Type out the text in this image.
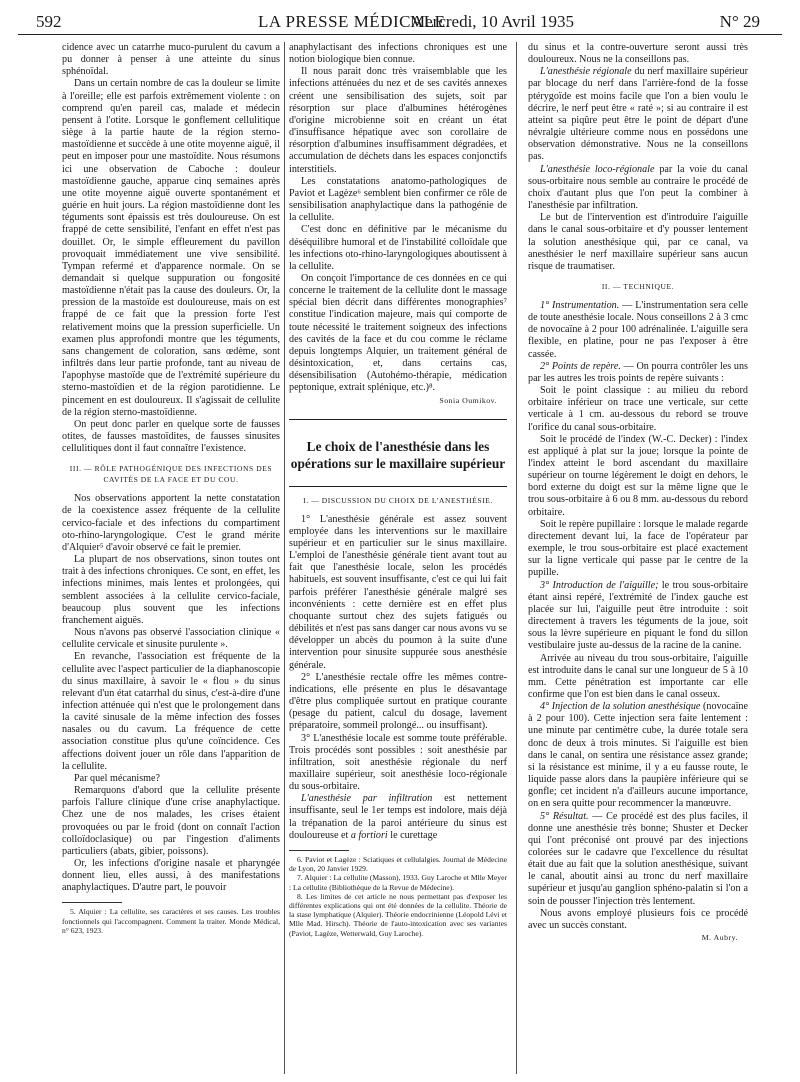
592	LA PRESSE MÉDICALE.
Mercredi, 10 Avril 1935	N° 29

cidence avec un catarrhe muco-purulent du cavum a pu donner à penser à une atteinte du sinus sphénoïdal.

Dans un certain nombre de cas la douleur se limite à l'oreille; elle est parfois extrêmement violente : on comprend qu'en pareil cas, malade et médecin pensent à l'otite. Lorsque le gonflement cellulitique siège à la partie haute de la région sterno-mastoïdienne et succède à une otite moyenne aiguë, il peut en imposer pour une mastoïdite. Nous résumons ici une observation de Caboche : douleur mastoïdienne gauche, apparue cinq semaines après une otite moyenne aiguë ouverte spontanément et guérie en huit jours. La région mastoïdienne dont les téguments sont épaissis est très douloureuse. On est frappé de cette sensibilité, l'enfant en effet n'est pas douillet. Or, le simple effleurement du pavillon provoquait immédiatement une vive sensibilité. Tympan refermé et d'apparence normale. On se demandait si quelque suppuration ou fongosité mastoïdienne n'était pas la cause des douleurs. Or, la pression de la mastoïde est douloureuse, mais on est frappé de ce fait que la pression forte l'est relativement moins que la pression superficielle. Un examen plus approfondi montre que les téguments, sans changement de coloration, sans œdème, sont infiltrés dans leur partie profonde, tant au niveau de l'apophyse mastoïde que de l'extrémité supérieure du sterno-mastoïdien et de la région parotidienne. Le pincement en est douloureux. Il s'agissait de cellulite de la région sterno-mastoïdienne.

On peut donc parler en quelque sorte de fausses otites, de fausses mastoïdites, de fausses sinusites cellulitiques dont il faut connaître l'existence.

III. — RÔLE PATHOGÉNIQUE DES INFECTIONS DES CAVITÉS DE LA FACE ET DU COU.

Nos observations apportent la nette constatation de la coexistence assez fréquente de la cellulite cervico-faciale et des infections du compartiment oto-rhino-laryngologique. C'est le grand mérite d'Alquier⁵ d'avoir observé ce fait le premier.

La plupart de nos observations, sinon toutes ont trait à des infections chroniques. Ce sont, en effet, les infections minimes, mais lentes et prolongées, qui semblent associées à la cellulite cervico-faciale, beaucoup plus souvent que les infections franchement aiguës.

Nous n'avons pas observé l'association clinique « cellulite cervicale et sinusite purulente ».

En revanche, l'association est fréquente de la cellulite avec l'aspect particulier de la diaphanoscopie du sinus maxillaire, à savoir le « flou » du sinus relevant d'un état catarrhal du sinus, c'est-à-dire d'une infection atténuée qui n'est que le prolongement dans la cavité sinusale de la même infection des fosses nasales ou du cavum. La fréquence de cette association constitue plus qu'une coïncidence. Ces affections doivent jouer un rôle dans l'apparition de la cellulite.

Par quel mécanisme?

Remarquons d'abord que la cellulite présente parfois l'allure clinique d'une crise anaphylactique. Chez une de nos malades, les crises étaient provoquées ou par le froid (dont on connaît l'action colloïdoclasique) ou par l'ingestion d'aliments particuliers (abats, gibier, poissons).

Or, les infections d'origine nasale et pharyngée donnent lieu, elles aussi, à des manifestations anaphylactiques. D'autre part, le pouvoir

5. Alquier : La cellulite, ses caractères et ses causes. Les troubles fonctionnels qui l'accompagnent. Comment la traiter. Monde Médical, n° 623, 1923.

anaphylactisant des infections chroniques est une notion biologique bien connue.

Il nous parait donc très vraisemblable que les infections atténuées du nez et de ses cavités annexes créent une sensibilisation des sujets, soit par résorption sur place d'albumines hétérogènes d'origine microbienne soit en créant un état d'insuffisance hépatique avec son corollaire de résorption d'albumines insuffisamment dégradées, et accumulation de déchets dans les espaces conjonctifs interstitiels.

Les constatations anatomo-pathologiques de Paviot et Lagèze⁶ semblent bien confirmer ce rôle de sensibilisation anaphylactique dans la pathogénie de la cellulite.

C'est donc en définitive par le mécanisme du déséquilibre humoral et de l'instabilité colloïdale que les infections oto-rhino-laryngologiques aboutissent à la cellulite.

On conçoit l'importance de ces données en ce qui concerne le traitement de la cellulite dont le massage spécial bien décrit dans différentes monographies⁷ constitue l'indication majeure, mais qui comporte de toute nécessité le traitement soigneux des infections des cavités de la face et du cou comme le réclame depuis longtemps Alquier, un traitement général de désintoxication, et, dans certains cas, désensibilisation (Autohémo-thérapie, médication peptonique, extrait splénique, etc.)⁸.

Sonia Oumikov.
Le choix de l'anesthésie dans les opérations sur le maxillaire supérieur
I. — DISCUSSION DU CHOIX DE L'ANESTHÉSIE.

1° L'anesthésie générale est assez souvent employée dans les interventions sur le maxillaire supérieur et en particulier sur le sinus maxillaire. L'emploi de l'anesthésie générale tient avant tout au fait que l'anesthésie locale, selon les procédés habituels, est souvent insuffisante, c'est ce qui lui fait parfois préférer l'anesthésie générale malgré ses inconvénients : cette dernière est en effet plus choquante surtout chez des sujets fatigués ou débilités et n'est pas sans danger car nous avons vu se développer un abcès du poumon à la suite d'une intervention pour sinusite suppurée sous anesthésie générale.

2° L'anesthésie rectale offre les mêmes contre-indications, elle présente en plus le désavantage d'être plus compliquée surtout en pratique courante (pesage du patient, calcul du dosage, lavement préparatoire, sommeil prolongé... ou insuffisant).

3° L'anesthésie locale est somme toute préférable. Trois procédés sont possibles : soit anesthésie par infiltration, soit anesthésie régionale du nerf maxillaire supérieur, soit anesthésie loco-régionale du sous-orbitaire.

L'anesthésie par infiltration est nettement insuffisante, seul le 1er temps est indolore, mais déjà la trépanation de la paroi antérieure du sinus est douloureuse et a fortiori le curettage

6. Paviot et Lagèze : Sciatiques et cellulalgies. Journal de Médecine de Lyon, 20 Janvier 1929.

7. Alquier : La cellulite (Masson), 1933. Guy Laroche et Mlle Meyer : La cellulite (Bibliothèque de la Revue de Médecine).

8. Les limites de cet article ne nous permettant pas d'exposer les différentes explications qui ont été données de la cellulite. Théorie de la stase lymphatique (Alquier). Théorie endocrinienne (Léopold Lévi et Mlle Mad. Hirsch). Théorie de l'auto-intoxication avec ses variantes (Paviot, Lagèze, Wetterwald, Guy Laroche).

du sinus et la contre-ouverture seront aussi très douloureux. Nous ne la conseillons pas.

L'anesthésie régionale du nerf maxillaire supérieur par blocage du nerf dans l'arrière-fond de la fosse ptérygoïde est moins facile que l'on a bien voulu le décrire, le nerf peut être « raté »; si au contraire il est atteint sa piqûre peut être le point de départ d'une névralgie ultérieure comme nous en possédons une observation démonstrative. Nous ne la conseillons pas.

L'anesthésie loco-régionale par la voie du canal sous-orbitaire nous semble au contraire le procédé de choix d'autant plus que l'on peut la combiner à l'anesthésie par infiltration.

Le but de l'intervention est d'introduire l'aiguille dans le canal sous-orbitaire et d'y pousser lentement la solution anesthésique qui, par ce canal, va anesthésier le nerf maxillaire supérieur sans aucun risque de traumatiser.

II. — TECHNIQUE.

1° Instrumentation. — L'instrumentation sera celle de toute anesthésie locale. Nous conseillons 2 à 3 cmc de novocaïne à 2 pour 100 adrénalinée. L'aiguille sera flexible, en platine, pour ne pas l'exposer à être cassée.

2° Points de repère. — On pourra contrôler les uns par les autres les trois points de repère suivants :

Soit le point classique : au milieu du rebord orbitaire inférieur on trace une verticale, sur cette verticale à 1 cm. au-dessous du rebord se trouve l'orifice du canal sous-orbitaire.

Soit le procédé de l'index (W.-C. Decker) : l'index est appliqué à plat sur la joue; lorsque la pointe de l'index atteint le bord ascendant du maxillaire supérieur on tourne légèrement le doigt en dehors, le bord externe du doigt est sur la même ligne que le trou sous-orbitaire à 6 ou 8 mm. au-dessous du rebord orbitaire.

Soit le repère pupillaire : lorsque le malade regarde directement devant lui, la face de l'opérateur par exemple, le trou sous-orbitaire est placé exactement sur la ligne verticale qui passe par le centre de la pupille.

3° Introduction de l'aiguille; le trou sous-orbitaire étant ainsi repéré, l'extrémité de l'index gauche est placée sur lui, l'aiguille peut être introduite : soit directement à travers les téguments de la joue, soit sous la lèvre supérieure en piquant le fond du sillon vestibulaire juste au-dessus de la racine de la canine.

Arrivée au niveau du trou sous-orbitaire, l'aiguille est introduite dans le canal sur une longueur de 5 à 10 mm. Cette pénétration est importante car elle confirme que l'on est bien dans le canal osseux.

4° Injection de la solution anesthésique (novocaïne à 2 pour 100). Cette injection sera faite lentement : une minute par centimètre cube, la durée totale sera donc de deux à trois minutes. Si l'aiguille est bien dans le canal, on sentira une résistance assez grande; si la résistance est minime, il y a eu fausse route, le liquide passe alors dans la paupière inférieure qui se gonfle; cet incident n'a d'ailleurs aucune importance, on en sera quitte pour recommencer la manœuvre.

5° Résultat. — Ce procédé est des plus faciles, il donne une anesthésie très bonne; Shuster et Decker qui l'ont préconisé ont prouvé par des injections colorées sur le cadavre que l'excellence du résultat était due au fait que la solution anesthésique, suivant le canal, aboutit ainsi au tronc du nerf maxillaire supérieur et jusqu'au ganglion sphéno-palatin si l'on a soin de pousser l'injection très lentement.

Nous avons employé plusieurs fois ce procédé avec un succès constant.

M. Aubry.
